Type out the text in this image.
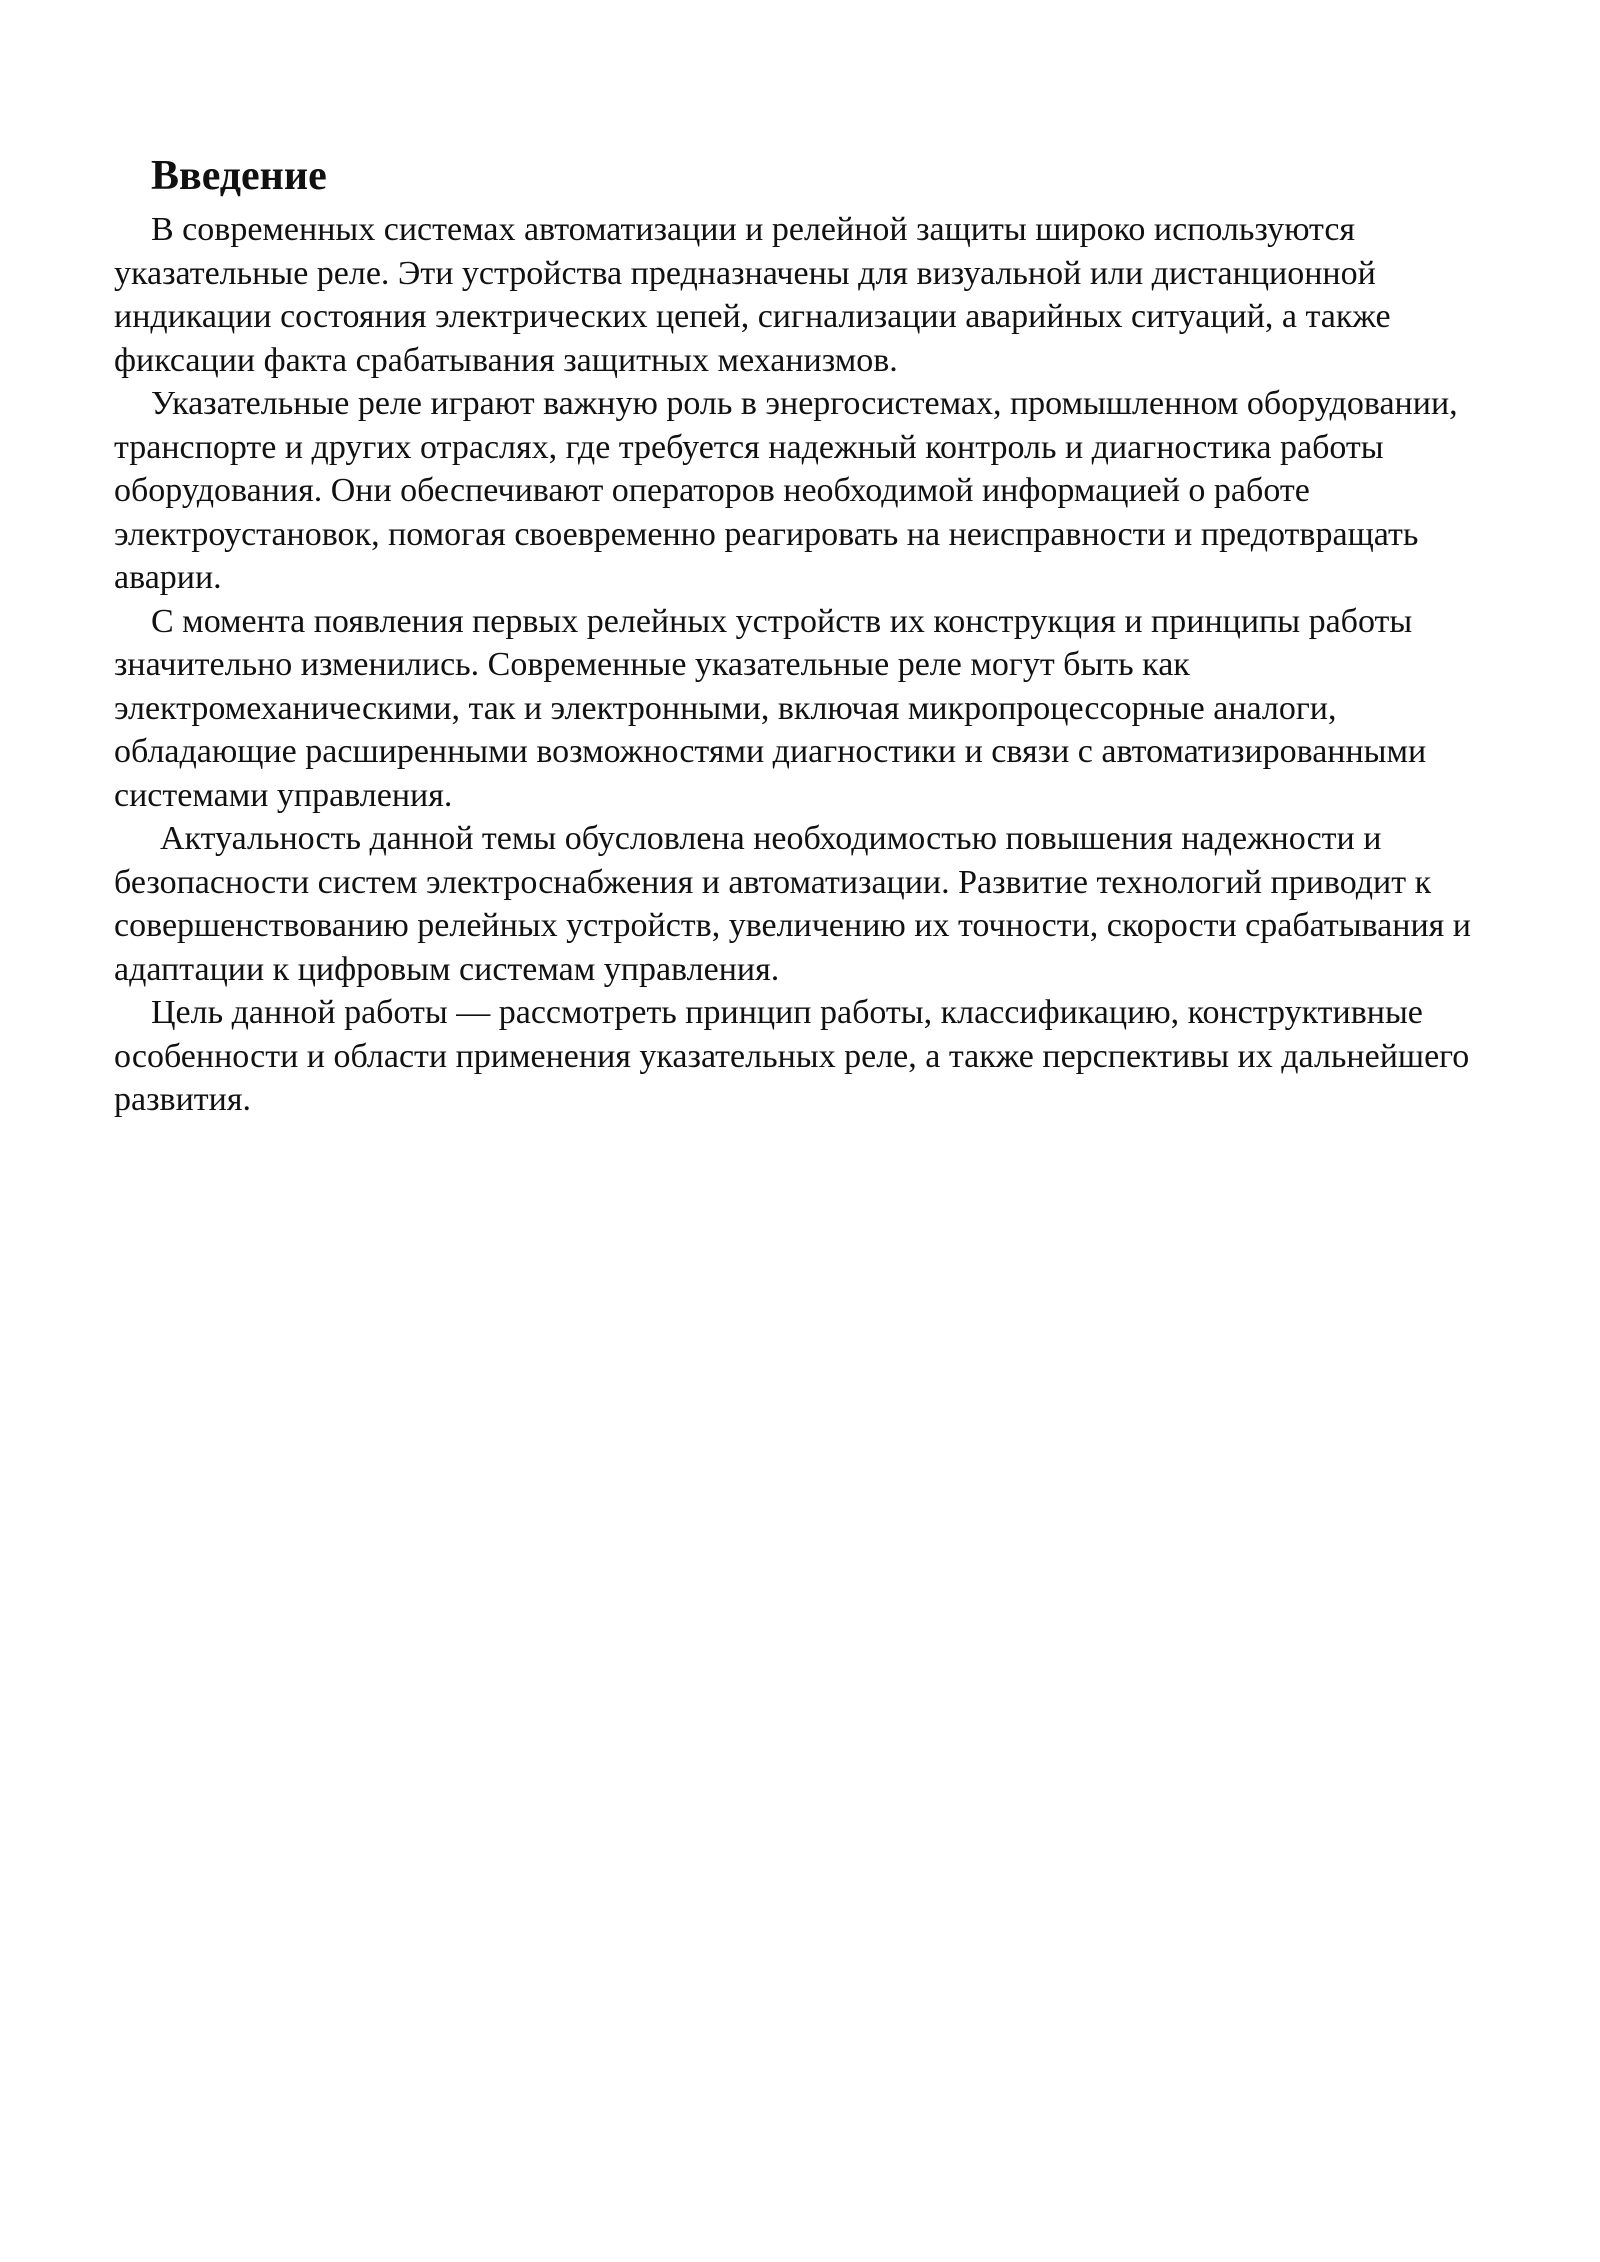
Введение

В современных системах автоматизации и релейной защиты широко используются указательные реле. Эти устройства предназначены для визуальной или дистанционной индикации состояния электрических цепей, сигнализации аварийных ситуаций, а также фиксации факта срабатывания защитных механизмов.

Указательные реле играют важную роль в энергосистемах, промышленном оборудовании, транспорте и других отраслях, где требуется надежный контроль и диагностика работы оборудования. Они обеспечивают операторов необходимой информацией о работе электроустановок, помогая своевременно реагировать на неисправности и предотвращать аварии.

С момента появления первых релейных устройств их конструкция и принципы работы значительно изменились. Современные указательные реле могут быть как электромеханическими, так и электронными, включая микропроцессорные аналоги, обладающие расширенными возможностями диагностики и связи с автоматизированными системами управления.

Актуальность данной темы обусловлена необходимостью повышения надежности и безопасности систем электроснабжения и автоматизации. Развитие технологий приводит к совершенствованию релейных устройств, увеличению их точности, скорости срабатывания и адаптации к цифровым системам управления.

Цель данной работы — рассмотреть принцип работы, классификацию, конструктивные особенности и области применения указательных реле, а также перспективы их дальнейшего развития.
